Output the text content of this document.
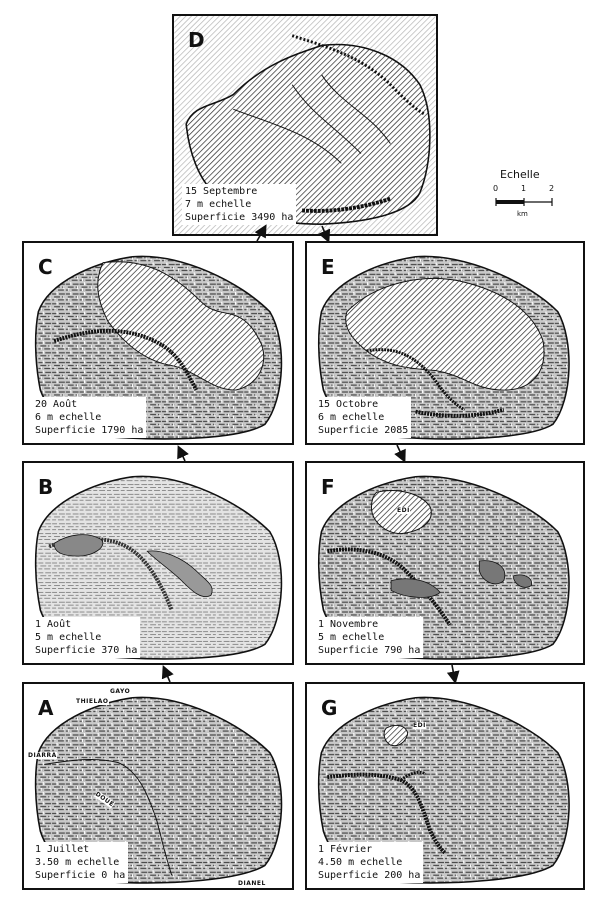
D
15 Septembre
7 m echelle
Superficie 3490 ha
Echelle
0	1	2
km
C
20 Août
6 m echelle
Superficie 1790 ha
E
15 Octobre
6 m echelle
Superficie 2085
B
1 Août
5 m echelle
Superficie 370 ha
F
EDI
1 Novembre
5 m echelle
Superficie 790 ha
A
GAYO
THIELAO
DIARRA
DOUÉ
DIANEL
1 Juillet
3.50 m echelle
Superficie 0 ha
G
EDI
1 Février
4.50 m echelle
Superficie 200 ha
